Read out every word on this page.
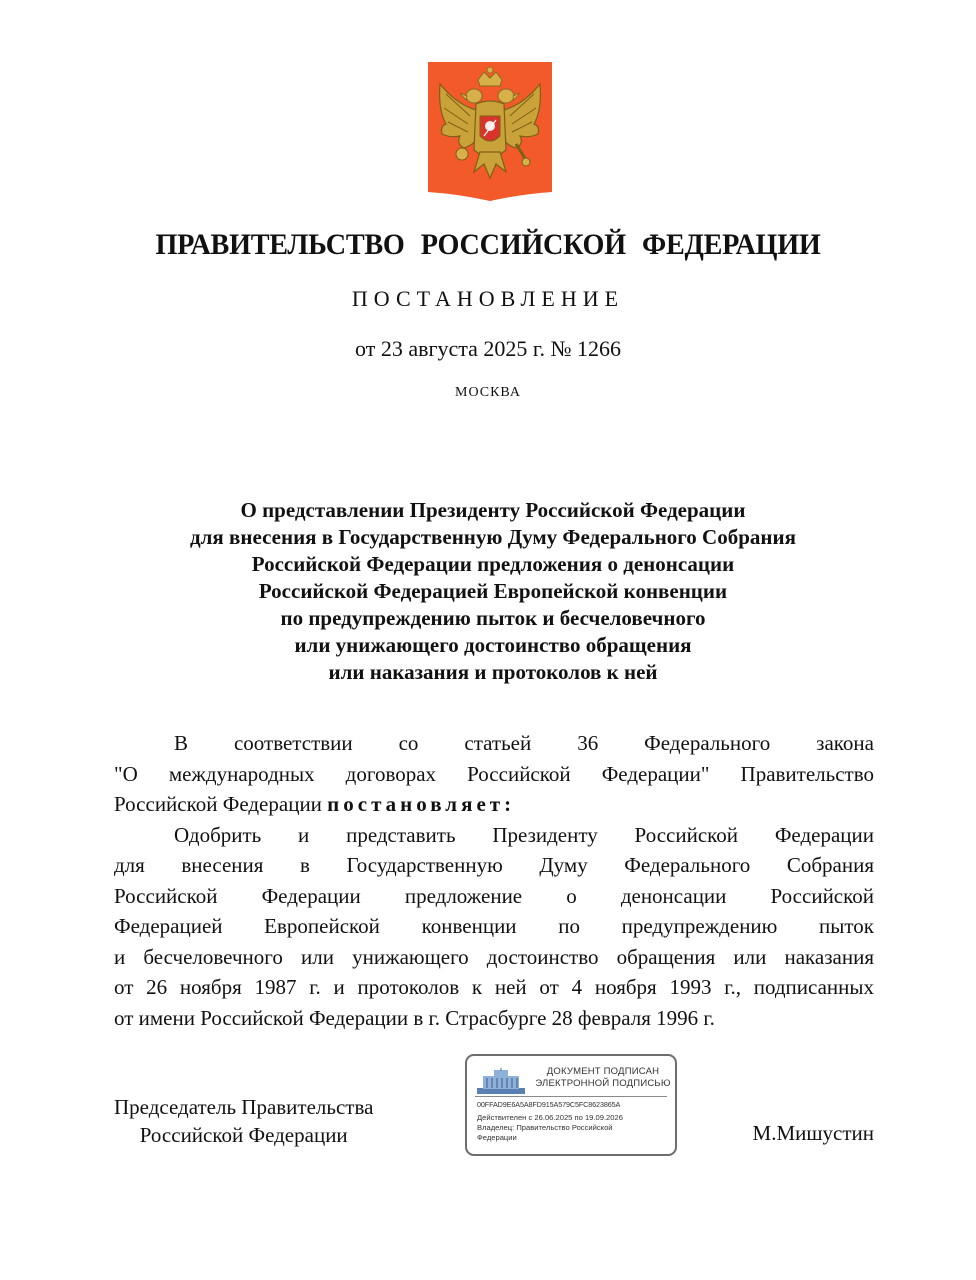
ПРАВИТЕЛЬСТВО РОССИЙСКОЙ ФЕДЕРАЦИИ
ПОСТАНОВЛЕНИЕ
от 23 августа 2025 г. № 1266
МОСКВА
О представлении Президенту Российской Федерации
для внесения в Государственную Думу Федерального Собрания
Российской Федерации предложения о денонсации
Российской Федерацией Европейской конвенции
по предупреждению пыток и бесчеловечного
или унижающего достоинство обращения
или наказания и протоколов к ней
В соответствии со статьей 36 Федерального закона
"О международных договорах Российской Федерации" Правительство
Российской Федерации постановляет:
Одобрить и представить Президенту Российской Федерации
для внесения в Государственную Думу Федерального Собрания
Российской Федерации предложение о денонсации Российской
Федерацией Европейской конвенции по предупреждению пыток
и бесчеловечного или унижающего достоинство обращения или наказания
от 26 ноября 1987 г. и протоколов к ней от 4 ноября 1993 г., подписанных
от имени Российской Федерации в г. Страсбурге 28 февраля 1996 г.
Председатель Правительства
Российской Федерации	М.Мишустин
ДОКУМЕНТ ПОДПИСАН
ЭЛЕКТРОННОЙ ПОДПИСЬЮ
00FFAD9E6A5A8FD915A579C5FC8623865A
Действителен с 26.06.2025 по 19.09.2026
Владелец: Правительство Российской Федерации
